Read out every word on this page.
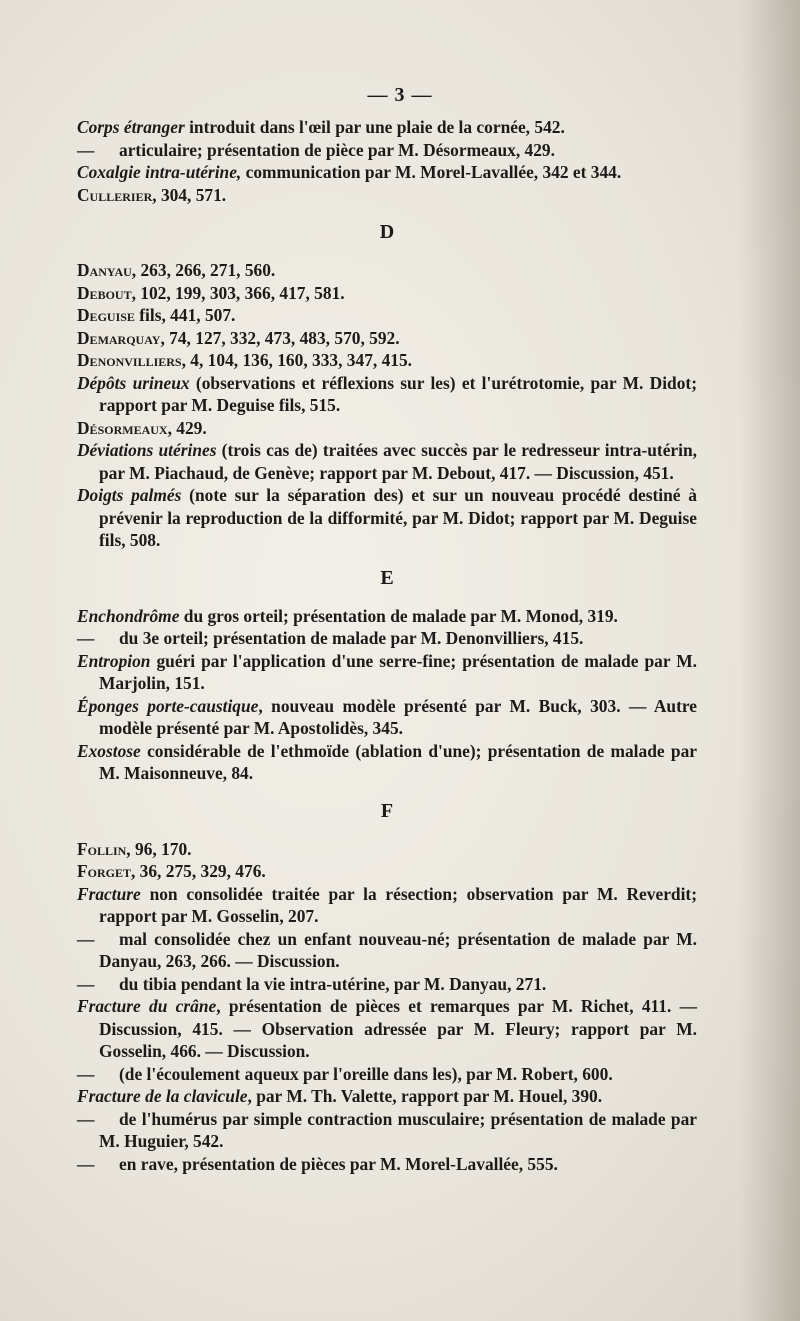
— 3 —
Corps étranger introduit dans l'œil par une plaie de la cornée, 542.
— articulaire; présentation de pièce par M. Désormeaux, 429.
Coxalgie intra-utérine, communication par M. Morel-Lavallée, 342 et 344.
Cullerier, 304, 571.
D
Danyau, 263, 266, 271, 560.
Debout, 102, 199, 303, 366, 417, 581.
Deguise fils, 441, 507.
Demarquay, 74, 127, 332, 473, 483, 570, 592.
Denonvilliers, 4, 104, 136, 160, 333, 347, 415.
Dépôts urineux (observations et réflexions sur les) et l'urétrotomie, par M. Didot; rapport par M. Deguise fils, 515.
Désormeaux, 429.
Déviations utérines (trois cas de) traitées avec succès par le redresseur intra-utérin, par M. Piachaud, de Genève; rapport par M. Debout, 417. — Discussion, 451.
Doigts palmés (note sur la séparation des) et sur un nouveau procédé destiné à prévenir la reproduction de la difformité, par M. Didot; rapport par M. Deguise fils, 508.
E
Enchondrôme du gros orteil; présentation de malade par M. Monod, 319.
— du 3e orteil; présentation de malade par M. Denonvilliers, 415.
Entropion guéri par l'application d'une serre-fine; présentation de malade par M. Marjolin, 151.
Éponges porte-caustique, nouveau modèle présenté par M. Buck, 303. — Autre modèle présenté par M. Apostolidès, 345.
Exostose considérable de l'ethmoïde (ablation d'une); présentation de malade par M. Maisonneuve, 84.
F
Follin, 96, 170.
Forget, 36, 275, 329, 476.
Fracture non consolidée traitée par la résection; observation par M. Reverdit; rapport par M. Gosselin, 207.
— mal consolidée chez un enfant nouveau-né; présentation de malade par M. Danyau, 263, 266. — Discussion.
— du tibia pendant la vie intra-utérine, par M. Danyau, 271.
Fracture du crâne, présentation de pièces et remarques par M. Richet, 411. — Discussion, 415. — Observation adressée par M. Fleury; rapport par M. Gosselin, 466. — Discussion.
— (de l'écoulement aqueux par l'oreille dans les), par M. Robert, 600.
Fracture de la clavicule, par M. Th. Valette, rapport par M. Houel, 390.
— de l'humérus par simple contraction musculaire; présentation de malade par M. Huguier, 542.
— en rave, présentation de pièces par M. Morel-Lavallée, 555.
